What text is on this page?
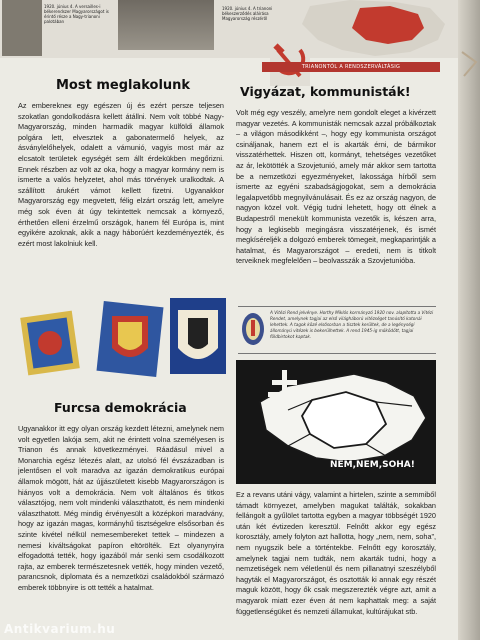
1920. június 4. A versailles-i békerendszer Magyarországot is érintő része a Nagy-trianoni palotában
1920. június 4. A trianoni békeszerződés aláírása Magyarország részéről
TRIANONTÓL A RENDSZERVÁLTÁSIG
Most meglakolunk
Az emberekneк egy egészen új és ezért persze teljesen szokatlan gondolkodásra kellett átállni. Nem volt többé Nagy-Magyarország, minden harmadik magyar külföldi államok polgára lett, elvesztek a gabonatermelő helyek, az ásványlelőhelyek, odalett a vámunió, vagyis most már az elcsatolt területek egységét sem állt érdekükben megőrizni. Ennek részben az volt az oka, hogy a magyar kormány nem is ismerte a valós helyzetet, ahol más törvények uralkodtak. A szállított árukért vámot kellett fizetni. Ugyanakkor Magyarország egy megvetett, félig elzárt ország lett, amelyre még sok éven át úgy tekintettek nemcsak a környező, érthetően elleni érzelmű országok, hanem fél Európa is, mint egyikére azoknak, akik a nagy háborúért kezdeményezték, és ezért most lakolniuk kell.
Furcsa demokrácia
Ugyanakkor itt egy olyan ország kezdett létezni, amelynek nem volt egyetlen lakója sem, akit ne érintett volna személyesen is Trianon és annak következményei. Ráadásul mivel a Monarchia egész létezés alatt, az utolsó fél évszázadban is jelentősen el volt maradva az igazán demokratikus európai államok mögött, hát az újjászületett kisebb Magyarországon is hiányos volt a demokrácia. Nem volt általános és titkos választójog, nem volt mindenki választhatott, és nem mindenki választhatott. Még mindig érvényesült a középkori maradvány, hogy az igazán magas, kormányhű tisztségekre elsősorban és szinte kivétel nélkül nemesembereket tettek – mindezen a nemesi kiváltságokat papíron eltörölték. Ezt olyanynyira elfogadottá tették, hogy igazából már senki sem csodálkozott rajta, az emberek természetesnek vették, hogy minden vezető, parancsnok, diplomata és a nemzetközi családokból származó emberek többnyire is ott tették a hatalmat.
Vigyázat, kommunisták!
Volt még egy veszély, amelyre nem gondolt eleget a kivérzett magyar vezetés. A kommunisták nemcsak azzal próbálkoztak – a világon másodikként –, hogy egy kommunista országot csináljanak, hanem ezt el is akarták érni, de bármikor visszatérhettek. Hiszen ott, kormányt, tehetséges vezetőket az ár, lekötötték a Szovjetunió, amely már akkor sem tartotta be a nemzetközi egyezményeket, lakossága hírből sem ismerte az egyéni szabadságjogokat, sem a demokrácia legalapvetőbb megnyilvánulásait. És ez az ország nagyon, de nagyon közel volt. Végig tudni lehetett, hogy ott élnek a Budapestről menekült kommunista vezetők is, készen arra, hogy a legkisebb megingásra visszatérjenek, és ismét megkíséreljék a dolgozó emberek tömegeit, megkaparintják a hatalmat, és Magyarországot – eredeti, nem is titkolt terveiknek megfelelően – beolvasszák a Szovjetunióba.
A Vitézi Rend jelvénye. Horthy Miklós kormányzó 1920 nov. alapította a Vitézi Rendet, amelynek tagjai az első világháború vitézséget tanúsító katonái lehettek. A tagok közé elsősorban a tisztek kerültek, de a legénységi állományú vitézek is bekerülhettek. A rend 1945-ig működött, tagjai földbirtokot kaptak.
NEM,NEM,SOHA!
Ez a revans utáni vágy, valamint a hirtelen, szinte a semmiből támadt környezet, amelyben magukat találták, sokakban fellángolt a gyűlölet tartotta egyben a magyar többségét 1920 után két évtizeden keresztül. Felnőtt akkor egy egész korosztály, amely folyton azt hallotta, hogy „nem, nem, soha”, nem nyugszik bele a történtekbe. Felnőtt egy korosztály, amelynek tagjai nem tudták, nem akarták tudni, hogy a nemzetiségek nem véletlenül és nem pillanatnyi szeszélyből hagyták el Magyarországot, és osztották ki annak egy részét maguk között, hogy ők csak megszerezték végre azt, amit a magyarok miatt ezer éven át nem kaphattak meg: a saját függetlenségüket és nemzeti államukat, kultúrájukat stb.
Antikvarium.hu
